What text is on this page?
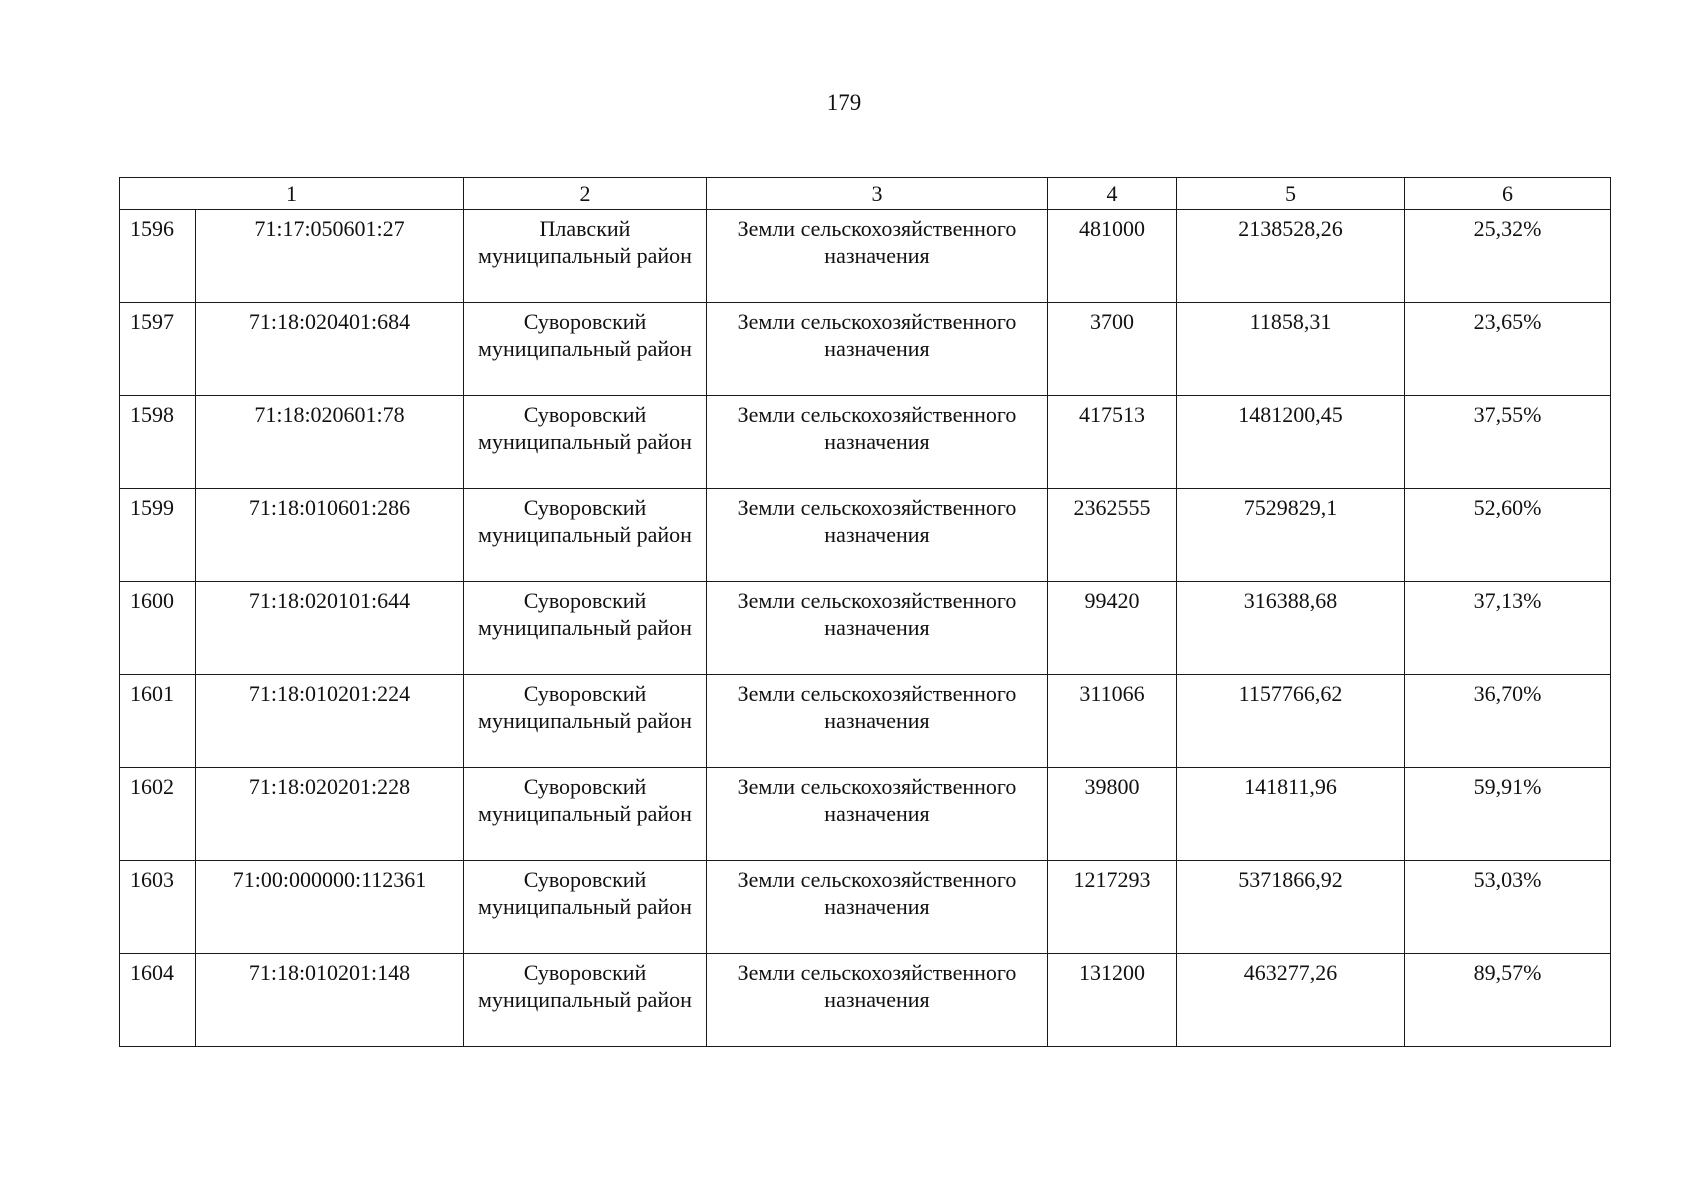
179
1		2	3	4	5	6
1596	71:17:050601:27	Плавский муниципальный район	Земли сельскохозяйственного назначения	481000	2138528,26	25,32%
1597	71:18:020401:684	Суворовский муниципальный район	Земли сельскохозяйственного назначения	3700	11858,31	23,65%
1598	71:18:020601:78	Суворовский муниципальный район	Земли сельскохозяйственного назначения	417513	1481200,45	37,55%
1599	71:18:010601:286	Суворовский муниципальный район	Земли сельскохозяйственного назначения	2362555	7529829,1	52,60%
1600	71:18:020101:644	Суворовский муниципальный район	Земли сельскохозяйственного назначения	99420	316388,68	37,13%
1601	71:18:010201:224	Суворовский муниципальный район	Земли сельскохозяйственного назначения	311066	1157766,62	36,70%
1602	71:18:020201:228	Суворовский муниципальный район	Земли сельскохозяйственного назначения	39800	141811,96	59,91%
1603	71:00:000000:112361	Суворовский муниципальный район	Земли сельскохозяйственного назначения	1217293	5371866,92	53,03%
1604	71:18:010201:148	Суворовский муниципальный район	Земли сельскохозяйственного назначения	131200	463277,26	89,57%
